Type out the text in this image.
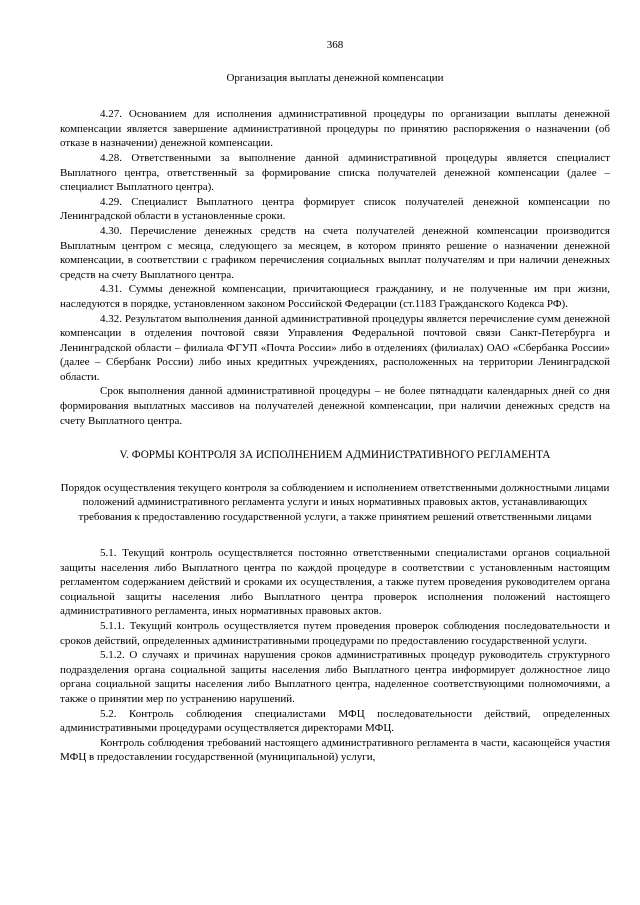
368
Организация выплаты денежной компенсации

4.27. Основанием для исполнения административной процедуры по организации выплаты денежной компенсации является завершение административной процедуры по принятию распоряжения о назначении (об отказе в назначении) денежной компенсации.

4.28. Ответственными за выполнение данной административной процедуры является специалист Выплатного центра, ответственный за формирование списка получателей денежной компенсации (далее – специалист Выплатного центра).

4.29. Специалист Выплатного центра формирует список получателей денежной компенсации по Ленинградской области в установленные сроки.

4.30. Перечисление денежных средств на счета получателей денежной компенсации производится Выплатным центром с месяца, следующего за месяцем, в котором принято решение о назначении денежной компенсации, в соответствии с графиком перечисления социальных выплат получателям и при наличии денежных средств на счету Выплатного центра.

4.31. Суммы денежной компенсации, причитающиеся гражданину, и не полученные им при жизни, наследуются в порядке, установленном законом Российской Федерации (ст.1183 Гражданского Кодекса РФ).

4.32. Результатом выполнения данной административной процедуры является перечисление сумм денежной компенсации в отделения почтовой связи Управления Федеральной почтовой связи Санкт-Петербурга и Ленинградской области – филиала ФГУП «Почта России» либо в отделениях (филиалах) ОАО «Сбербанка России» (далее – Сбербанк России) либо иных кредитных учреждениях, расположенных на территории Ленинградской области.

Срок выполнения данной административной процедуры – не более пятнадцати календарных дней со дня формирования выплатных массивов на получателей денежной компенсации, при наличии денежных средств на счету Выплатного центра.

V. ФОРМЫ КОНТРОЛЯ ЗА ИСПОЛНЕНИЕМ АДМИНИСТРАТИВНОГО РЕГЛАМЕНТА
Порядок осуществления текущего контроля за соблюдением и исполнением ответственными должностными лицами положений административного регламента услуги и иных нормативных правовых актов, устанавливающих требования к предоставлению государственной услуги, а также принятием решений ответственными лицами

5.1. Текущий контроль осуществляется постоянно ответственными специалистами органов социальной защиты населения либо Выплатного центра по каждой процедуре в соответствии с установленным настоящим регламентом содержанием действий и сроками их осуществления, а также путем проведения руководителем органа социальной защиты населения либо Выплатного центра проверок исполнения положений настоящего административного регламента, иных нормативных правовых актов.

5.1.1. Текущий контроль осуществляется путем проведения проверок соблюдения последовательности и сроков действий, определенных административными процедурами по предоставлению государственной услуги.

5.1.2. О случаях и причинах нарушения сроков административных процедур руководитель структурного подразделения органа социальной защиты населения либо Выплатного центра информирует должностное лицо органа социальной защиты населения либо Выплатного центра, наделенное соответствующими полномочиями, а также о принятии мер по устранению нарушений.

5.2. Контроль соблюдения специалистами МФЦ последовательности действий, определенных административными процедурами осуществляется директорами МФЦ.

Контроль соблюдения требований настоящего административного регламента в части, касающейся участия МФЦ в предоставлении государственной (муниципальной) услуги,
